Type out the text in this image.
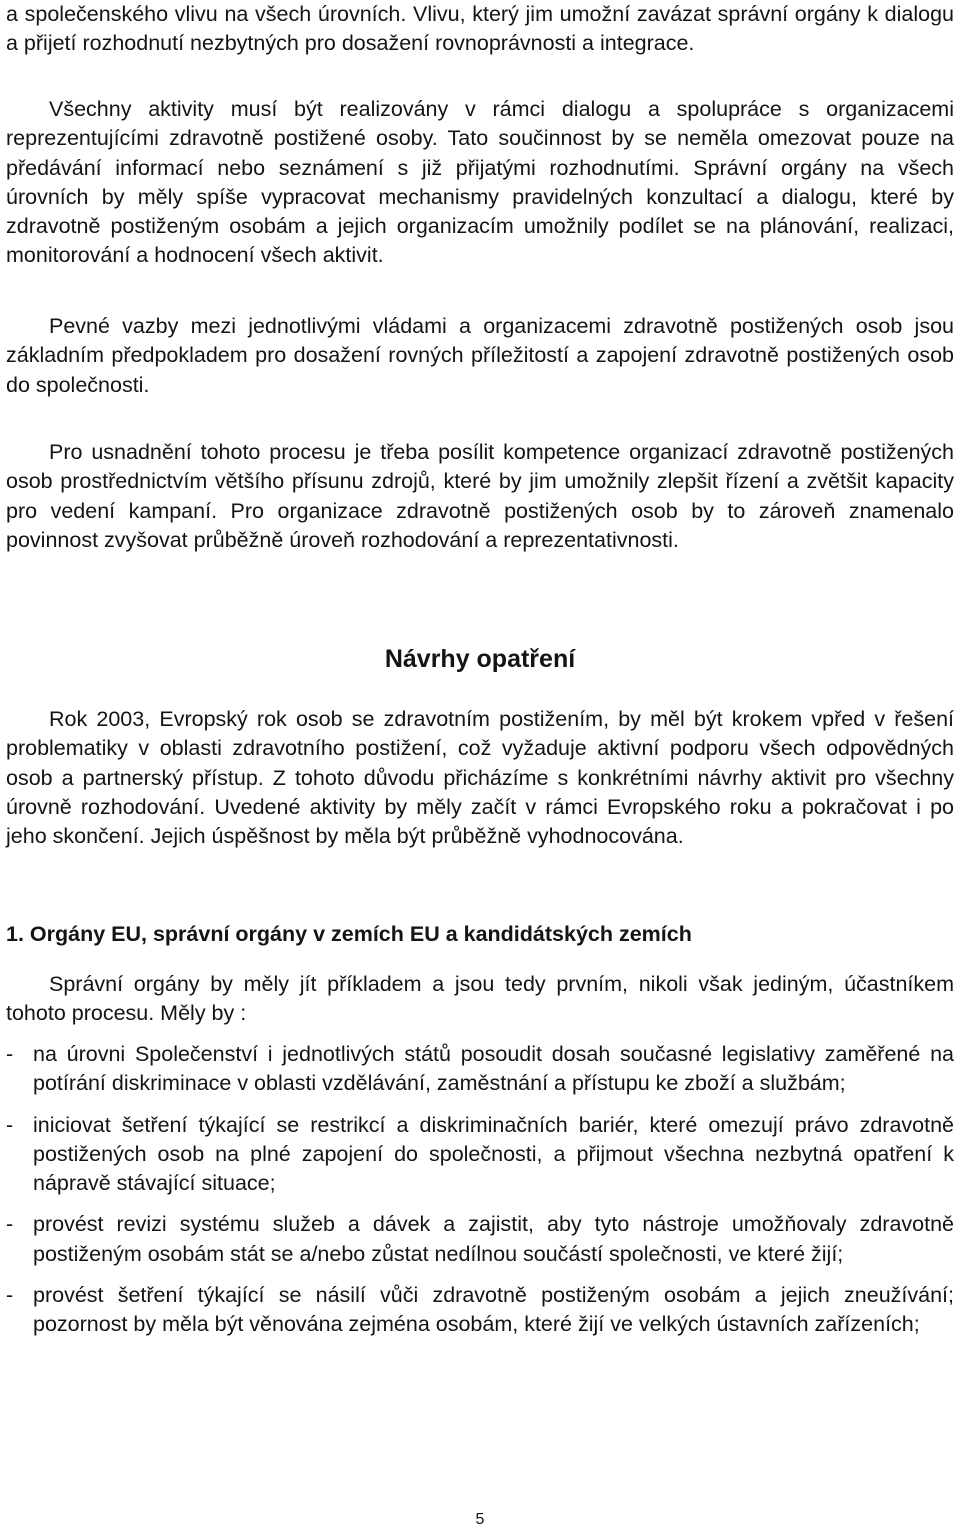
a společenského vlivu na všech úrovních. Vlivu, který jim umožní zavázat správní orgány k dialogu a přijetí rozhodnutí nezbytných pro dosažení rovnoprávnosti a integrace.

Všechny aktivity musí být realizovány v rámci dialogu a spolupráce s organizacemi reprezentujícími zdravotně postižené osoby. Tato součinnost by se neměla omezovat pouze na předávání informací nebo seznámení s již přijatými rozhodnutími. Správní orgány na všech úrovních by měly spíše vypracovat mechanismy pravidelných konzultací a dialogu, které by zdravotně postiženým osobám a jejich organizacím umožnily podílet se na plánování, realizaci, monitorování a hodnocení všech aktivit.

Pevné vazby mezi jednotlivými vládami a organizacemi zdravotně postižených osob jsou základním předpokladem pro dosažení rovných příležitostí a zapojení zdravotně postižených osob do společnosti.

Pro usnadnění tohoto procesu je třeba posílit kompetence organizací zdravotně postižených osob prostřednictvím většího přísunu zdrojů, které by jim umožnily zlepšit řízení a zvětšit kapacity pro vedení kampaní. Pro organizace zdravotně postižených osob by to zároveň znamenalo povinnost zvyšovat průběžně úroveň rozhodování a reprezentativnosti.

Návrhy opatření

Rok 2003, Evropský rok osob se zdravotním postižením, by měl být krokem vpřed v řešení problematiky v oblasti zdravotního postižení, což vyžaduje aktivní podporu všech odpovědných osob a partnerský přístup. Z tohoto důvodu přicházíme s konkrétními návrhy aktivit pro všechny úrovně rozhodování. Uvedené aktivity by měly začít v rámci Evropského roku a pokračovat i po jeho skončení. Jejich úspěšnost by měla být průběžně vyhodnocována.

1. Orgány EU, správní orgány v zemích EU a kandidátských zemích

Správní orgány by měly jít příkladem a jsou tedy prvním, nikoli však jediným, účastníkem tohoto procesu. Měly by :

- na úrovni Společenství i jednotlivých států posoudit dosah současné legislativy zaměřené na potírání diskriminace v oblasti vzdělávání, zaměstnání a přístupu ke zboží a službám;
- iniciovat šetření týkající se restrikcí a diskriminačních bariér, které omezují právo zdravotně postižených osob na plné zapojení do společnosti, a přijmout všechna nezbytná opatření k nápravě stávající situace;
- provést revizi systému služeb a dávek a zajistit, aby tyto nástroje umožňovaly zdravotně postiženým osobám stát se a/nebo zůstat nedílnou součástí společnosti, ve které žijí;
- provést šetření týkající se násilí vůči zdravotně postiženým osobám a jejich zneužívání; pozornost by měla být věnována zejména osobám, které žijí ve velkých ústavních zařízeních;
5
